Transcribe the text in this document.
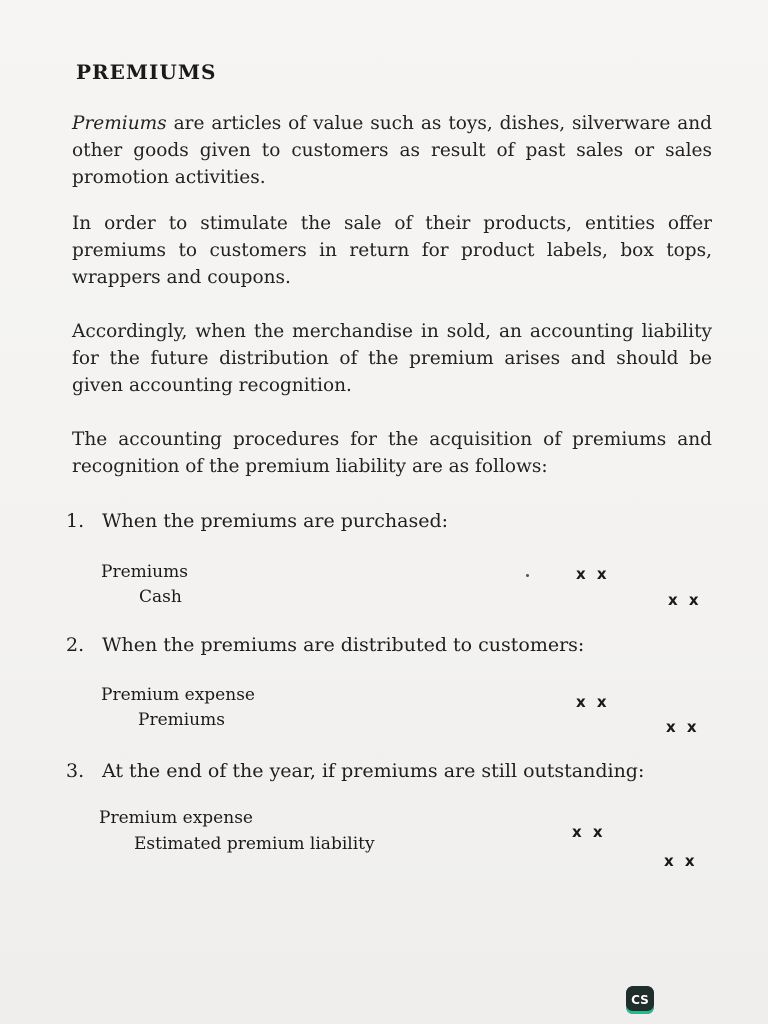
PREMIUMS
Premiums are articles of value such as toys, dishes, silverware and other goods given to customers as result of past sales or sales promotion activities.
In order to stimulate the sale of their products, entities offer premiums to customers in return for product labels, box tops, wrappers and coupons.
Accordingly, when the merchandise in sold, an accounting liability for the future distribution of the premium arises and should be given accounting recognition.
The accounting procedures for the acquisition of premiums and recognition of the premium liability are as follows:
1. When the premiums are purchased:
Premiums
Cash
x x
x x
2. When the premiums are distributed to customers:
Premium expense
Premiums
x x
x x
3. At the end of the year, if premiums are still outstanding:
Premium expense
Estimated premium liability
x x
x x
CS
